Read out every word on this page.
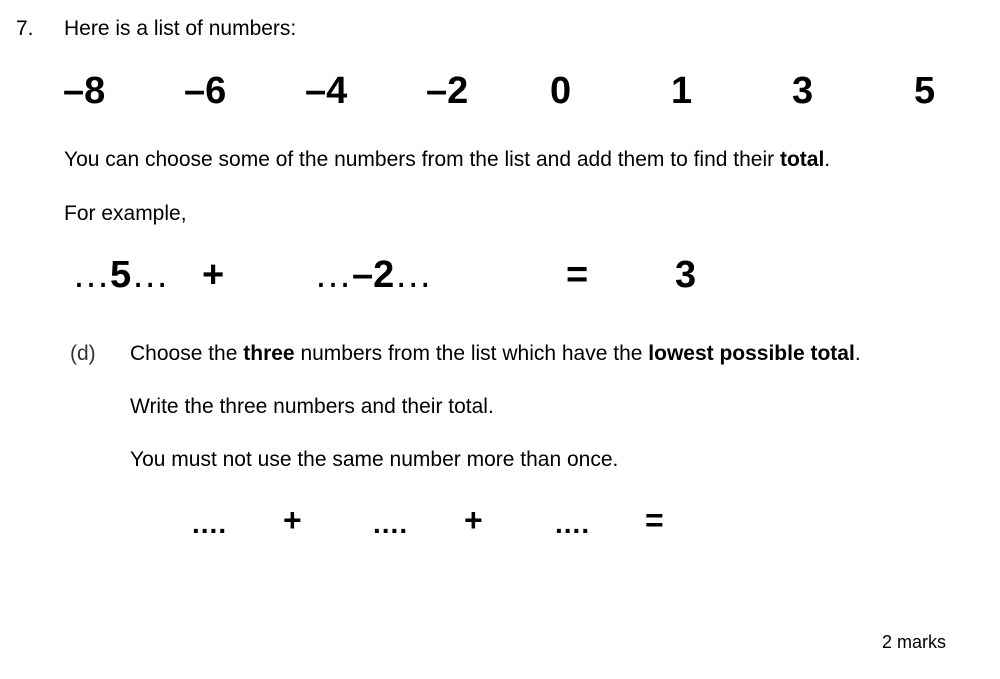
7. Here is a list of numbers:
–8 –6 –4 –2 0	1	3	5
You can choose some of the numbers from the list and add them to find their total.
For example,
…5… + …–2…	= 3
(d) Choose the three numbers from the list which have the lowest possible total.
Write the three numbers and their total.
You must not use the same number more than once.
.... +	.... +	.... =
2 marks
